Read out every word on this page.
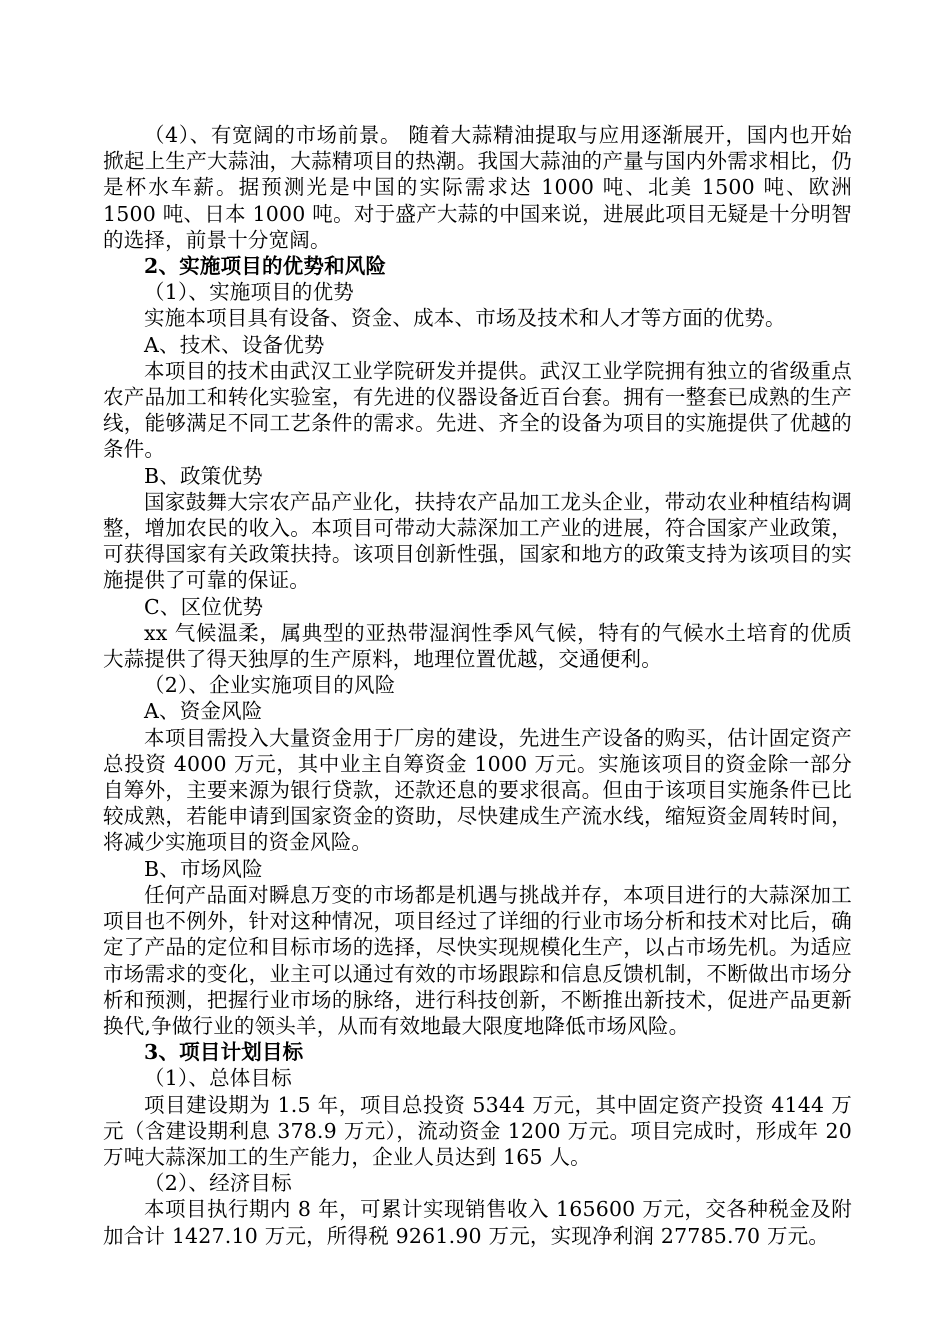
（4）、有宽阔的市场前景。 随着大蒜精油提取与应用逐渐展开，国内也开始掀起上生产大蒜油，大蒜精项目的热潮。我国大蒜油的产量与国内外需求相比，仍是杯水车薪。据预测光是中国的实际需求达 1000 吨、北美 1500 吨、欧洲 1500 吨、日本 1000 吨。对于盛产大蒜的中国来说，进展此项目无疑是十分明智的选择，前景十分宽阔。

2、实施项目的优势和风险

（1）、实施项目的优势

实施本项目具有设备、资金、成本、市场及技术和人才等方面的优势。

A、技术、设备优势

本项目的技术由武汉工业学院研发并提供。武汉工业学院拥有独立的省级重点农产品加工和转化实验室，有先进的仪器设备近百台套。拥有一整套已成熟的生产线，能够满足不同工艺条件的需求。先进、齐全的设备为项目的实施提供了优越的条件。

B、政策优势

国家鼓舞大宗农产品产业化，扶持农产品加工龙头企业，带动农业种植结构调整，增加农民的收入。本项目可带动大蒜深加工产业的进展，符合国家产业政策，可获得国家有关政策扶持。该项目创新性强，国家和地方的政策支持为该项目的实施提供了可靠的保证。

C、区位优势

xx 气候温柔，属典型的亚热带湿润性季风气候，特有的气候水土培育的优质大蒜提供了得天独厚的生产原料，地理位置优越，交通便利。

（2）、企业实施项目的风险

A、资金风险

本项目需投入大量资金用于厂房的建设，先进生产设备的购买，估计固定资产总投资 4000 万元，其中业主自筹资金 1000 万元。实施该项目的资金除一部分自筹外，主要来源为银行贷款，还款还息的要求很高。但由于该项目实施条件已比较成熟，若能申请到国家资金的资助，尽快建成生产流水线，缩短资金周转时间，将减少实施项目的资金风险。

B、市场风险

任何产品面对瞬息万变的市场都是机遇与挑战并存，本项目进行的大蒜深加工项目也不例外，针对这种情况，项目经过了详细的行业市场分析和技术对比后，确定了产品的定位和目标市场的选择，尽快实现规模化生产，以占市场先机。为适应市场需求的变化，业主可以通过有效的市场跟踪和信息反馈机制，不断做出市场分析和预测，把握行业市场的脉络，进行科技创新，不断推出新技术，促进产品更新换代,争做行业的领头羊，从而有效地最大限度地降低市场风险。

3、项目计划目标

（1）、总体目标

项目建设期为 1.5 年，项目总投资 5344 万元，其中固定资产投资 4144 万元（含建设期利息 378.9 万元），流动资金 1200 万元。项目完成时，形成年 20 万吨大蒜深加工的生产能力，企业人员达到 165 人。

（2）、经济目标

本项目执行期内 8 年，可累计实现销售收入 165600 万元，交各种税金及附加合计 1427.10 万元，所得税 9261.90 万元，实现净利润 27785.70 万元。
